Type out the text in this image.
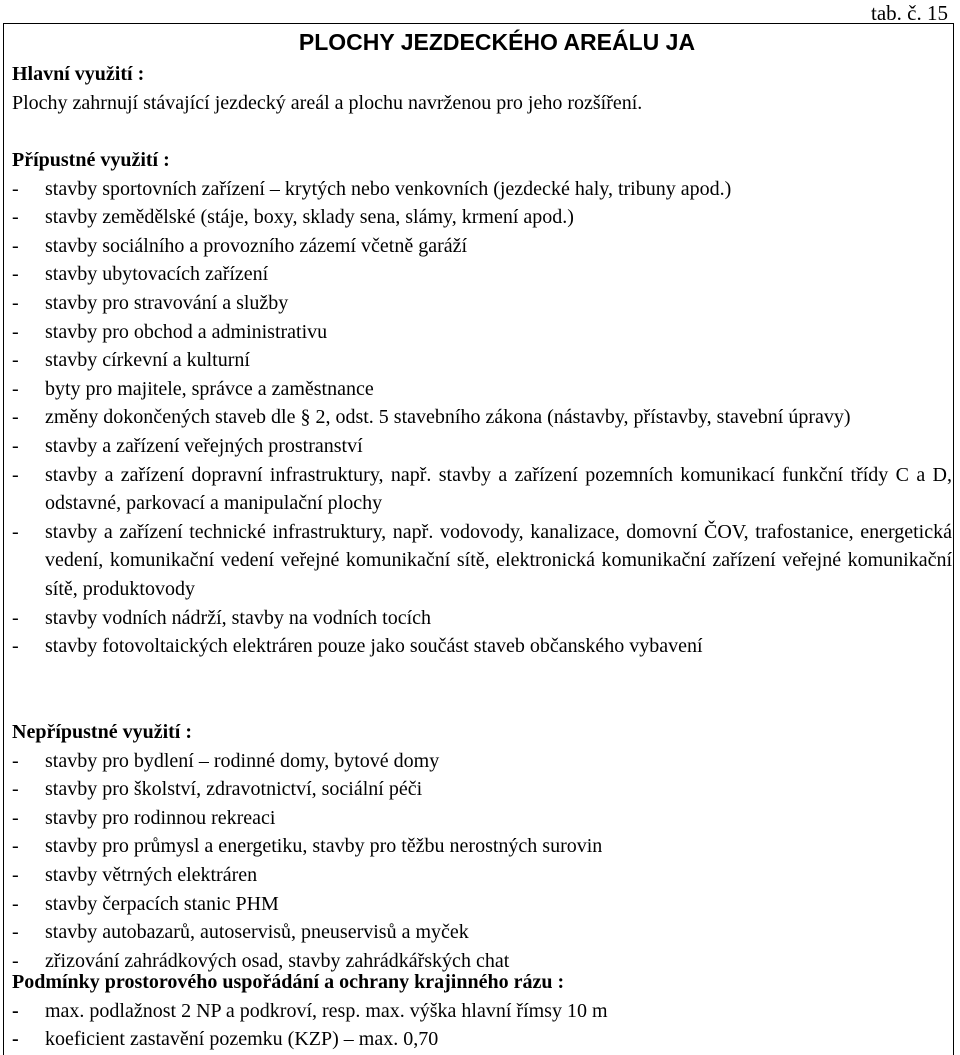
tab. č. 15
PLOCHY JEZDECKÉHO AREÁLU JA
Hlavní využití :
Plochy zahrnují stávající jezdecký areál a plochu navrženou pro jeho rozšíření.
Přípustné využití :
- stavby sportovních zařízení – krytých nebo venkovních (jezdecké haly, tribuny apod.)
- stavby zemědělské (stáje, boxy, sklady sena, slámy, krmení apod.)
- stavby sociálního a provozního zázemí včetně garáží
- stavby ubytovacích zařízení
- stavby pro stravování a služby
- stavby pro obchod a administrativu
- stavby církevní a kulturní
- byty pro majitele, správce a zaměstnance
- změny dokončených staveb dle § 2, odst. 5 stavebního zákona (nástavby, přístavby, stavební úpravy)
- stavby a zařízení veřejných prostranství
- stavby a zařízení dopravní infrastruktury, např. stavby a zařízení pozemních komunikací funkční třídy C a D, odstavné, parkovací a manipulační plochy
- stavby a zařízení technické infrastruktury, např. vodovody, kanalizace, domovní ČOV, trafostanice, energetická vedení, komunikační vedení veřejné komunikační sítě, elektronická komunikační zařízení veřejné komunikační sítě, produktovody
- stavby vodních nádrží, stavby na vodních tocích
- stavby fotovoltaických elektráren pouze jako součást staveb občanského vybavení
Nepřípustné využití :
- stavby pro bydlení – rodinné domy, bytové domy
- stavby pro školství, zdravotnictví, sociální péči
- stavby pro rodinnou rekreaci
- stavby pro průmysl a energetiku, stavby pro těžbu nerostných surovin
- stavby větrných elektráren
- stavby čerpacích stanic PHM
- stavby autobazarů, autoservisů, pneuservisů a myček
- zřizování zahrádkových osad, stavby zahrádkářských chat
Podmínky prostorového uspořádání a ochrany krajinného rázu :
- max. podlažnost 2 NP a podkroví, resp. max. výška hlavní římsy 10 m
- koeficient zastavění pozemku (KZP) – max. 0,70
